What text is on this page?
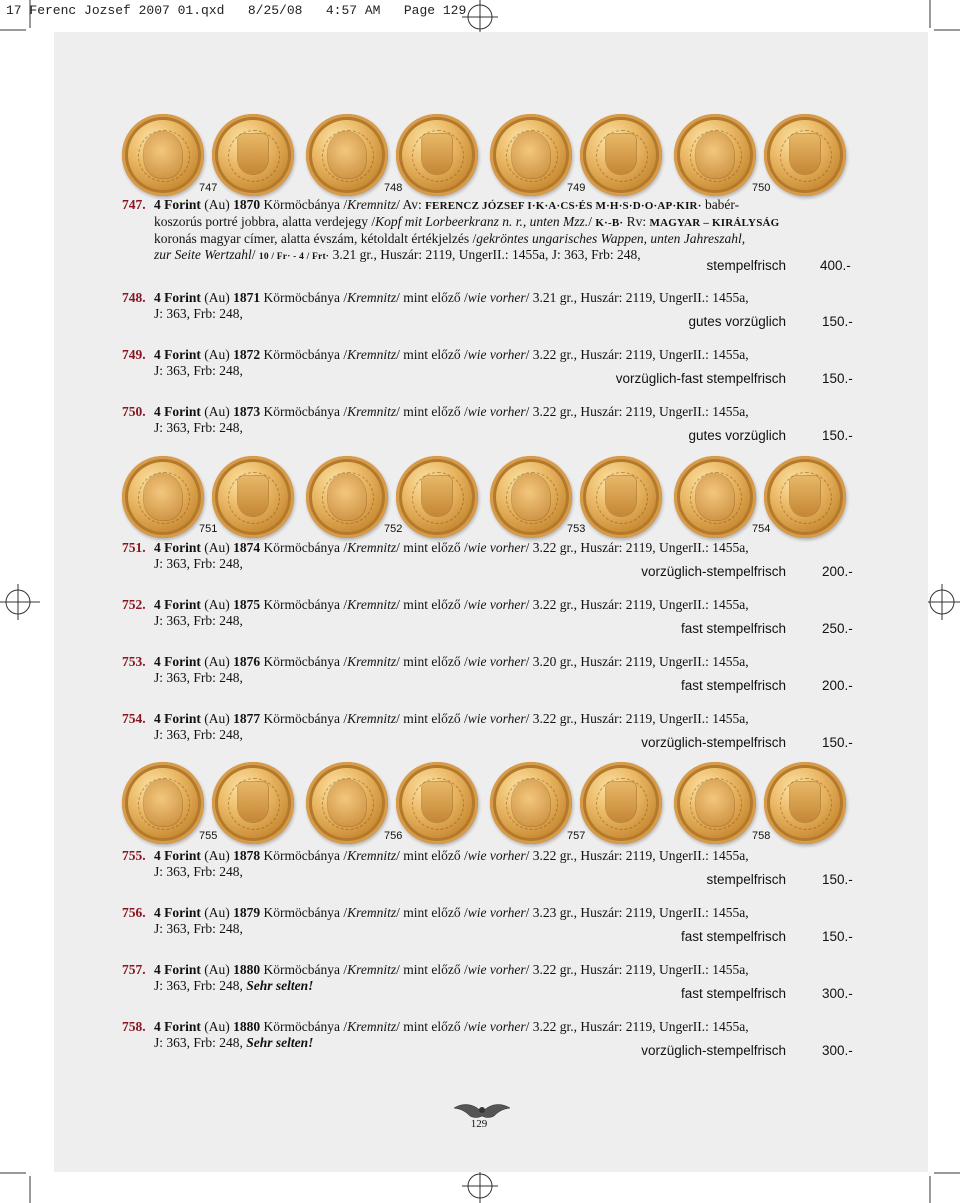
17 Ferenc Jozsef 2007 01.qxd   8/25/08   4:57 AM   Page 129
747	748	749	750
747. 4 Forint (Au) 1870 Körmöcbánya /Kremnitz/ Av: FERENCZ JÓZSEF I·K·A·CS·ÉS M·H·S·D·O·AP·KIR· babér-
koszorús portré jobbra, alatta verdejegy /Kopf mit Lorbeerkranz n. r., unten Mzz./ K·-B· Rv: MAGYAR – KIRÁLYSÁG
koronás magyar címer, alatta évszám, kétoldalt értékjelzés /gekröntes ungarisches Wappen, unten Jahreszahl,
zur Seite Wertzahl/ 10 / Fr· - 4 / Frt· 3.21 gr., Huszár: 2119, UngerII.: 1455a, J: 363, Frb: 248,
stempelfrisch	400.-
748. 4 Forint (Au) 1871 Körmöcbánya /Kremnitz/ mint előző /wie vorher/ 3.21 gr., Huszár: 2119, UngerII.: 1455a,
J: 363, Frb: 248,
gutes vorzüglich	150.-
749. 4 Forint (Au) 1872 Körmöcbánya /Kremnitz/ mint előző /wie vorher/ 3.22 gr., Huszár: 2119, UngerII.: 1455a,
J: 363, Frb: 248,
vorzüglich-fast stempelfrisch	150.-
750. 4 Forint (Au) 1873 Körmöcbánya /Kremnitz/ mint előző /wie vorher/ 3.22 gr., Huszár: 2119, UngerII.: 1455a,
J: 363, Frb: 248,
gutes vorzüglich	150.-
751	752	753	754
751. 4 Forint (Au) 1874 Körmöcbánya /Kremnitz/ mint előző /wie vorher/ 3.22 gr., Huszár: 2119, UngerII.: 1455a,
J: 363, Frb: 248,
vorzüglich-stempelfrisch	200.-
752. 4 Forint (Au) 1875 Körmöcbánya /Kremnitz/ mint előző /wie vorher/ 3.22 gr., Huszár: 2119, UngerII.: 1455a,
J: 363, Frb: 248,
fast stempelfrisch	250.-
753. 4 Forint (Au) 1876 Körmöcbánya /Kremnitz/ mint előző /wie vorher/ 3.20 gr., Huszár: 2119, UngerII.: 1455a,
J: 363, Frb: 248,
fast stempelfrisch	200.-
754. 4 Forint (Au) 1877 Körmöcbánya /Kremnitz/ mint előző /wie vorher/ 3.22 gr., Huszár: 2119, UngerII.: 1455a,
J: 363, Frb: 248,
vorzüglich-stempelfrisch	150.-
755	756	757	758
755. 4 Forint (Au) 1878 Körmöcbánya /Kremnitz/ mint előző /wie vorher/ 3.22 gr., Huszár: 2119, UngerII.: 1455a,
J: 363, Frb: 248,
stempelfrisch	150.-
756. 4 Forint (Au) 1879 Körmöcbánya /Kremnitz/ mint előző /wie vorher/ 3.23 gr., Huszár: 2119, UngerII.: 1455a,
J: 363, Frb: 248,
fast stempelfrisch	150.-
757. 4 Forint (Au) 1880 Körmöcbánya /Kremnitz/ mint előző /wie vorher/ 3.22 gr., Huszár: 2119, UngerII.: 1455a,
J: 363, Frb: 248, Sehr selten!
fast stempelfrisch	300.-
758. 4 Forint (Au) 1880 Körmöcbánya /Kremnitz/ mint előző /wie vorher/ 3.22 gr., Huszár: 2119, UngerII.: 1455a,
J: 363, Frb: 248, Sehr selten!
vorzüglich-stempelfrisch	300.-
129
